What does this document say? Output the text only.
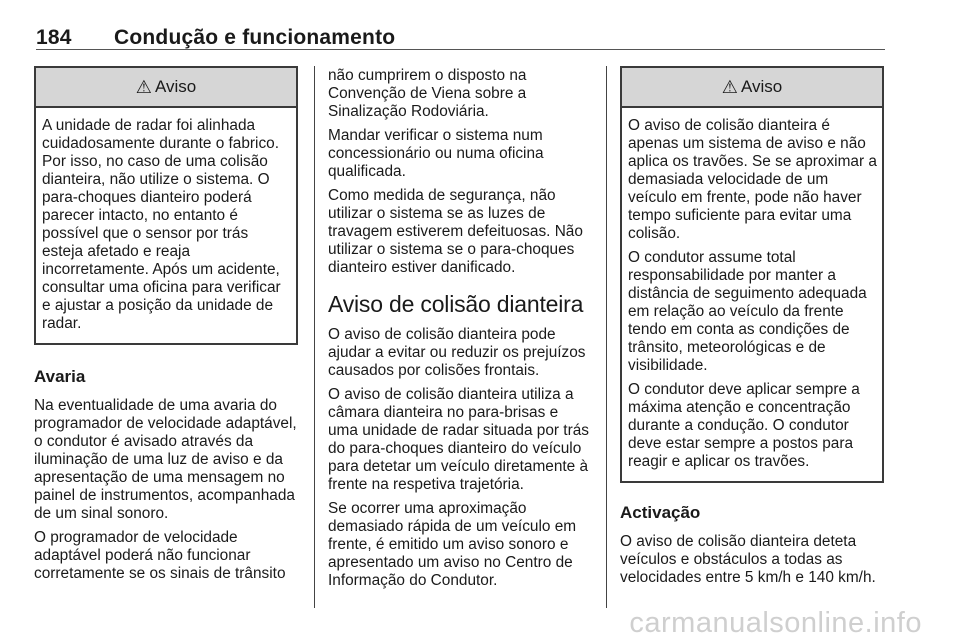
184 Condução e funcionamento
⚠ Aviso

A unidade de radar foi alinhada cuidadosamente durante o fabrico. Por isso, no caso de uma colisão dianteira, não utilize o sistema. O para-choques dianteiro poderá parecer intacto, no entanto é possível que o sensor por trás esteja afetado e reaja incorretamente. Após um acidente, consultar uma oficina para verificar e ajustar a posição da unidade de radar.

Avaria

Na eventualidade de uma avaria do programador de velocidade adaptável, o condutor é avisado através da iluminação de uma luz de aviso e da apresentação de uma mensagem no painel de instrumentos, acompanhada de um sinal sonoro.

O programador de velocidade adaptável poderá não funcionar corretamente se os sinais de trânsito

não cumprirem o disposto na Convenção de Viena sobre a Sinalização Rodoviária.

Mandar verificar o sistema num concessionário ou numa oficina qualificada.

Como medida de segurança, não utilizar o sistema se as luzes de travagem estiverem defeituosas. Não utilizar o sistema se o para-choques dianteiro estiver danificado.

Aviso de colisão dianteira

O aviso de colisão dianteira pode ajudar a evitar ou reduzir os prejuízos causados por colisões frontais.

O aviso de colisão dianteira utiliza a câmara dianteira no para-brisas e uma unidade de radar situada por trás do para-choques dianteiro do veículo para detetar um veículo diretamente à frente na respetiva trajetória.

Se ocorrer uma aproximação demasiado rápida de um veículo em frente, é emitido um aviso sonoro e apresentado um aviso no Centro de Informação do Condutor.

⚠ Aviso

O aviso de colisão dianteira é apenas um sistema de aviso e não aplica os travões. Se se aproximar a demasiada velocidade de um veículo em frente, pode não haver tempo suficiente para evitar uma colisão.

O condutor assume total responsabilidade por manter a distância de seguimento adequada em relação ao veículo da frente tendo em conta as condições de trânsito, meteorológicas e de visibilidade.

O condutor deve aplicar sempre a máxima atenção e concentração durante a condução. O condutor deve estar sempre a postos para reagir e aplicar os travões.

Activação

O aviso de colisão dianteira deteta veículos e obstáculos a todas as velocidades entre 5 km/h e 140 km/h.

carmanualsonline.info
